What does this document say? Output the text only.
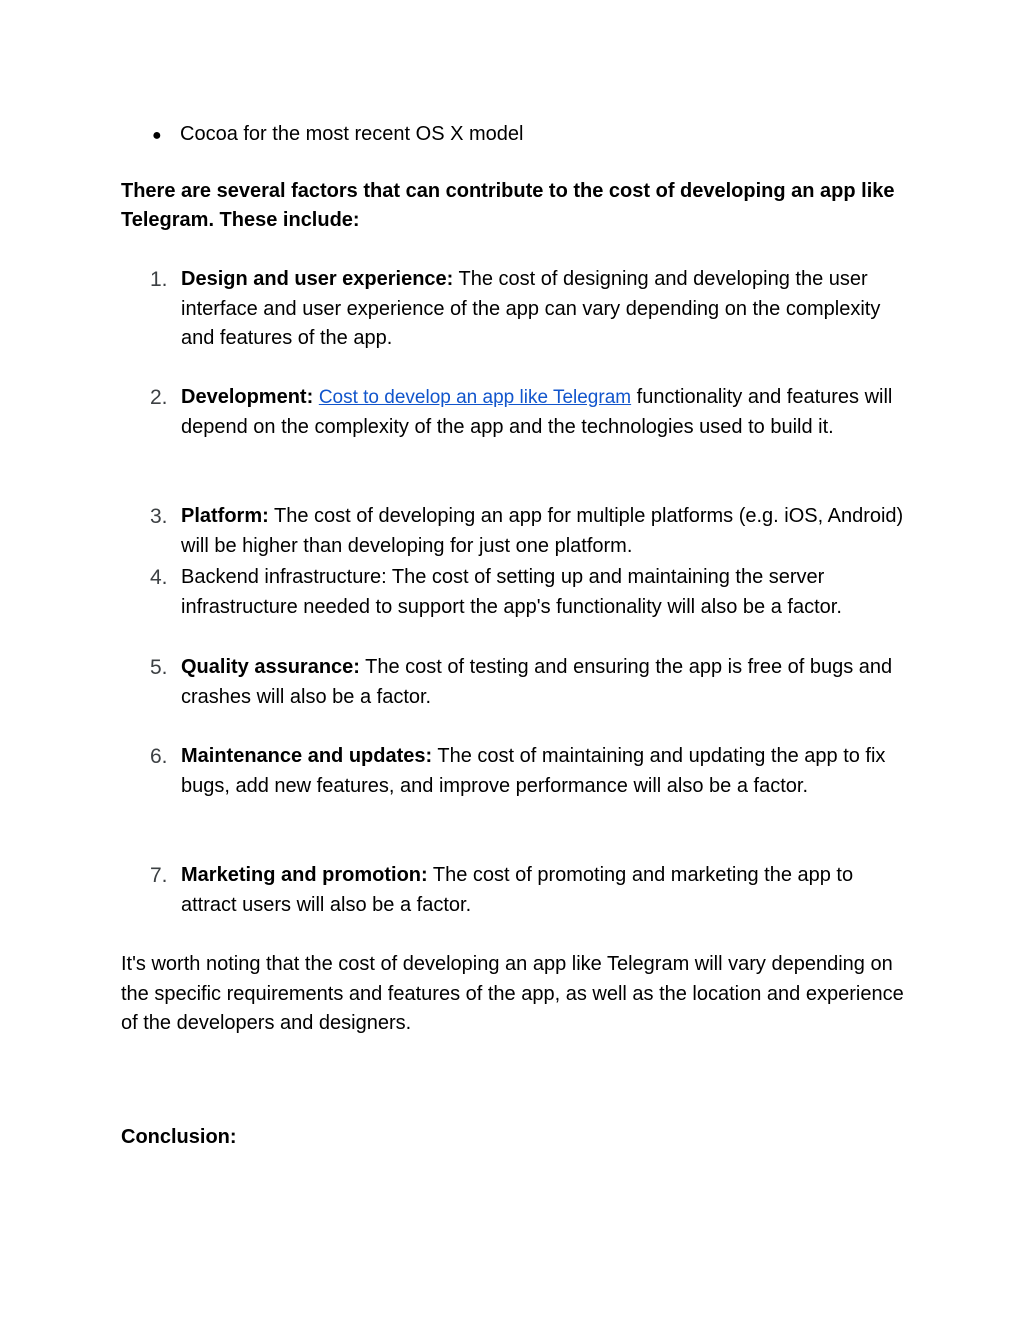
● Cocoa for the most recent OS X model
There are several factors that can contribute to the cost of developing an app like Telegram. These include:
1. Design and user experience: The cost of designing and developing the user interface and user experience of the app can vary depending on the complexity and features of the app.
2. Development: Cost to develop an app like Telegram functionality and features will depend on the complexity of the app and the technologies used to build it.
3. Platform: The cost of developing an app for multiple platforms (e.g. iOS, Android) will be higher than developing for just one platform.
4. Backend infrastructure: The cost of setting up and maintaining the server infrastructure needed to support the app's functionality will also be a factor.
5. Quality assurance: The cost of testing and ensuring the app is free of bugs and crashes will also be a factor.
6. Maintenance and updates: The cost of maintaining and updating the app to fix bugs, add new features, and improve performance will also be a factor.
7. Marketing and promotion: The cost of promoting and marketing the app to attract users will also be a factor.
It's worth noting that the cost of developing an app like Telegram will vary depending on the specific requirements and features of the app, as well as the location and experience of the developers and designers.
Conclusion:
